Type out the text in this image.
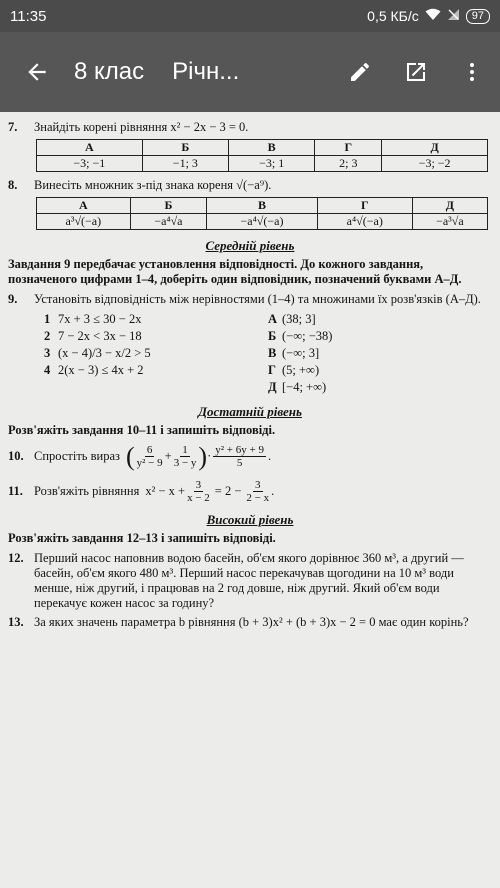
11:35	0,5 КБ/с	97
8 клас Річн...
7.	Знайдіть корені рівняння x² − 2x − 3 = 0.
А	Б	В	Г	Д
−3; −1	−1; 3	−3; 1	2; 3	−3; −2
8.	Винесіть множник з-під знака кореня √(−a⁹).
А	Б	В	Г	Д
a³√(−a)	−a⁴√a	−a⁴√(−a)	a⁴√(−a)	−a³√a
Середній рівень
Завдання 9 передбачає установлення відповідності. До кожного завдання, позначеного цифрами 1–4, доберіть один відповідник, позначений буквами А–Д.
9.	Установіть відповідність між нерівностями (1–4) та множинами їх розв'язків (А–Д).
1 7x + 3 ≤ 30 − 2x
2 7 − 2x < 3x − 18
3 (x − 4)/3 − x/2 > 5
4 2(x − 3) ≤ 4x + 2
А (38; 3]
Б (−∞; −38)
В (−∞; 3]
Г (5; +∞)
Д [−4; +∞)
Достатній рівень
Розв'яжіть завдання 10–11 і запишіть відповіді.
10. Спростіть вираз ( $\frac{6}{\text{y² − 9}} + \frac{1}{3 - y}$ ) · $\frac{\text{y² + 6y + 9}}{5}$ .
11. Розв'яжіть рівняння $x^2 - x + \frac{3}{x - 2} = 2 - \frac{3}{2 - x}$ .
Високий рівень
Розв'яжіть завдання 12–13 і запишіть відповіді.
12. Перший насос наповнив водою басейн, об'єм якого дорівнює 360 м³, а другий — басейн, об'єм якого 480 м³. Перший насос перекачував щогодини на 10 м³ води менше, ніж другий, і працював на 2 год довше, ніж другий. Який об'єм води перекачує кожен насос за годину?
13. За яких значень параметра b рівняння (b + 3)x² + (b + 3)x − 2 = 0 має один корінь?
